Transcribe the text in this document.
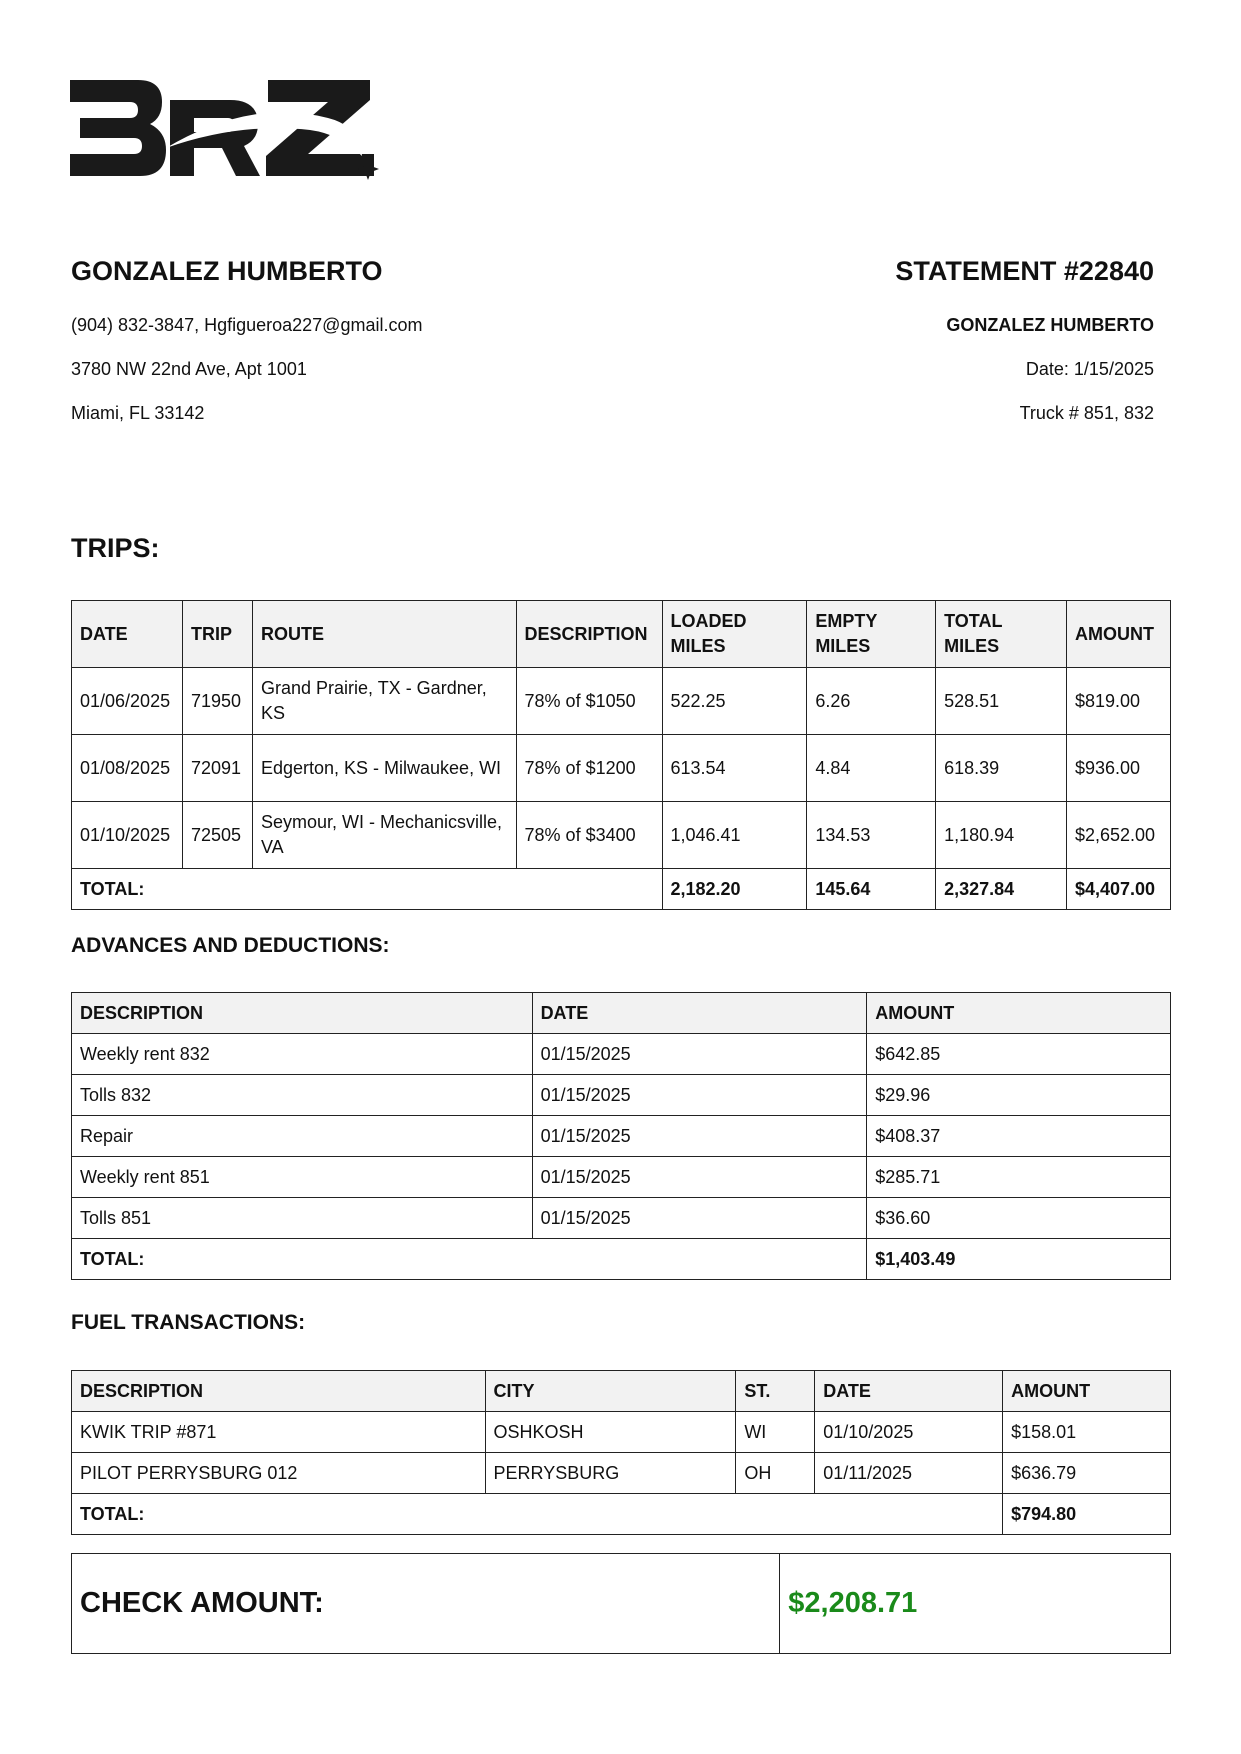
GONZALEZ HUMBERTO

(904) 832-3847, Hgfigueroa227@gmail.com

3780 NW 22nd Ave, Apt 1001

Miami, FL 33142

STATEMENT #22840

GONZALEZ HUMBERTO

Date: 1/15/2025

Truck # 851, 832

TRIPS:
DATE	TRIP	ROUTE	DESCRIPTION	LOADED MILES	EMPTY MILES	TOTAL MILES	AMOUNT
01/06/2025	71950	Grand Prairie, TX - Gardner, KS	78% of $1050	522.25	6.26	528.51	$819.00
01/08/2025	72091	Edgerton, KS - Milwaukee, WI	78% of $1200	613.54	4.84	618.39	$936.00
01/10/2025	72505	Seymour, WI - Mechanicsville, VA	78% of $3400	1,046.41	134.53	1,180.94	$2,652.00
TOTAL:				2,182.20	145.64	2,327.84	$4,407.00
ADVANCES AND DEDUCTIONS:
DESCRIPTION	DATE	AMOUNT
Weekly rent 832	01/15/2025	$642.85
Tolls 832	01/15/2025	$29.96
Repair	01/15/2025	$408.37
Weekly rent 851	01/15/2025	$285.71
Tolls 851	01/15/2025	$36.60
TOTAL:		$1,403.49
FUEL TRANSACTIONS:
DESCRIPTION	CITY	ST.	DATE	AMOUNT
KWIK TRIP #871	OSHKOSH	WI	01/10/2025	$158.01
PILOT PERRYSBURG 012	PERRYSBURG	OH	01/11/2025	$636.79
TOTAL:				$794.80
CHECK AMOUNT:	$2,208.71
